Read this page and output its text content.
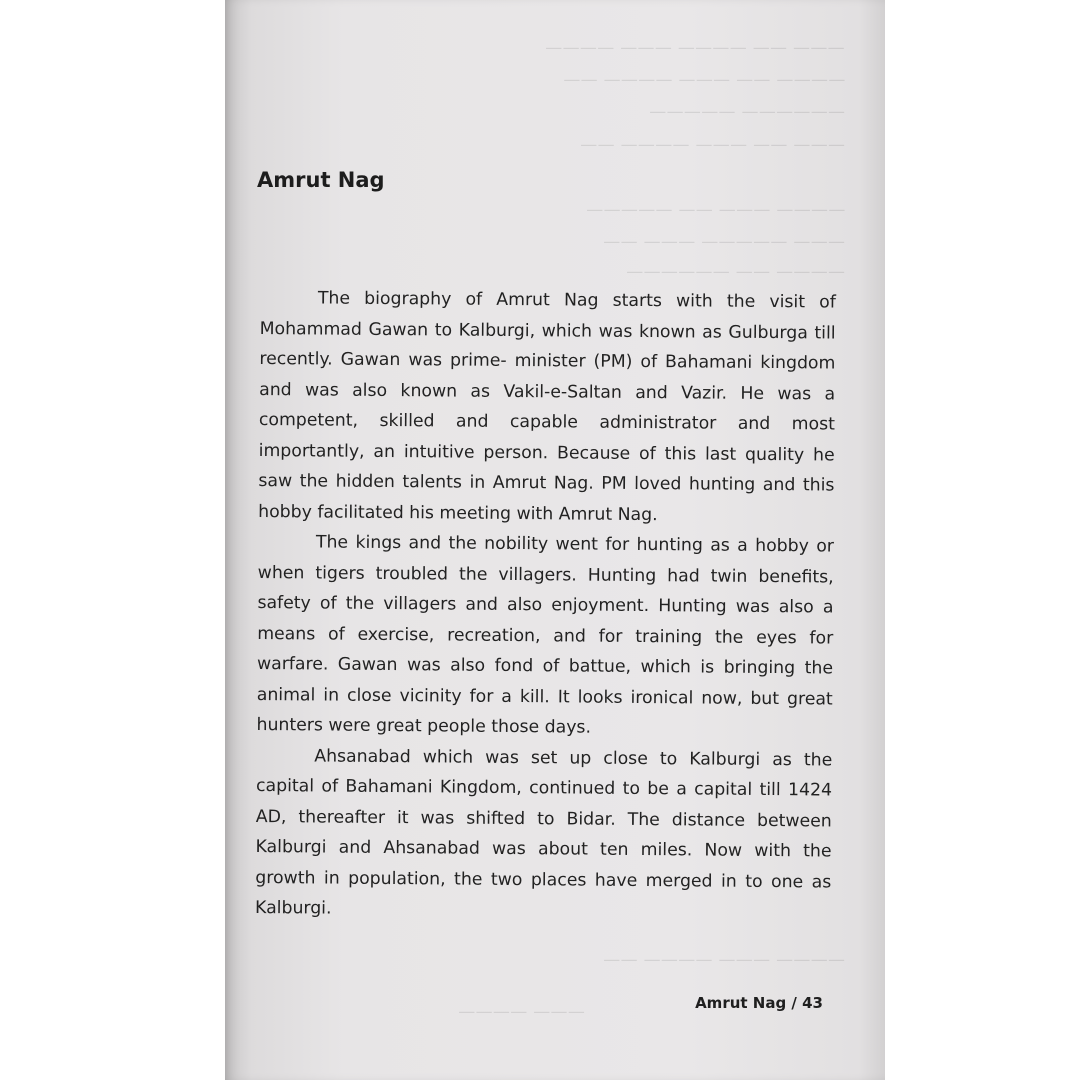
——— —— ———— ——— ————
———— —— ——— ———— ——
—————— —————
——— —— ——— ———— ——
———— ——— —— —————
——— ————— ——— ——
———— —— ——————
———— ——— ———— ——
——— ————
Amrut Nag

The biography of Amrut Nag starts with the visit of Mohammad Gawan to Kalburgi, which was known as Gulburga till recently. Gawan was prime- minister (PM) of Bahamani kingdom and was also known as Vakil-e-Saltan and Vazir. He was a competent, skilled and capable administrator and most importantly, an intuitive person. Because of this last quality he saw the hidden talents in Amrut Nag. PM loved hunting and this hobby facilitated his meeting with Amrut Nag.

The kings and the nobility went for hunting as a hobby or when tigers troubled the villagers. Hunting had twin benefits, safety of the villagers and also enjoyment. Hunting was also a means of exercise, recreation, and for training the eyes for warfare. Gawan was also fond of battue, which is bringing the animal in close vicinity for a kill. It looks ironical now, but great hunters were great people those days.

Ahsanabad which was set up close to Kalburgi as the capital of Bahamani Kingdom, continued to be a capital till 1424 AD, thereafter it was shifted to Bidar. The distance between Kalburgi and Ahsanabad was about ten miles. Now with the growth in population, the two places have merged in to one as Kalburgi.

Amrut Nag / 43
